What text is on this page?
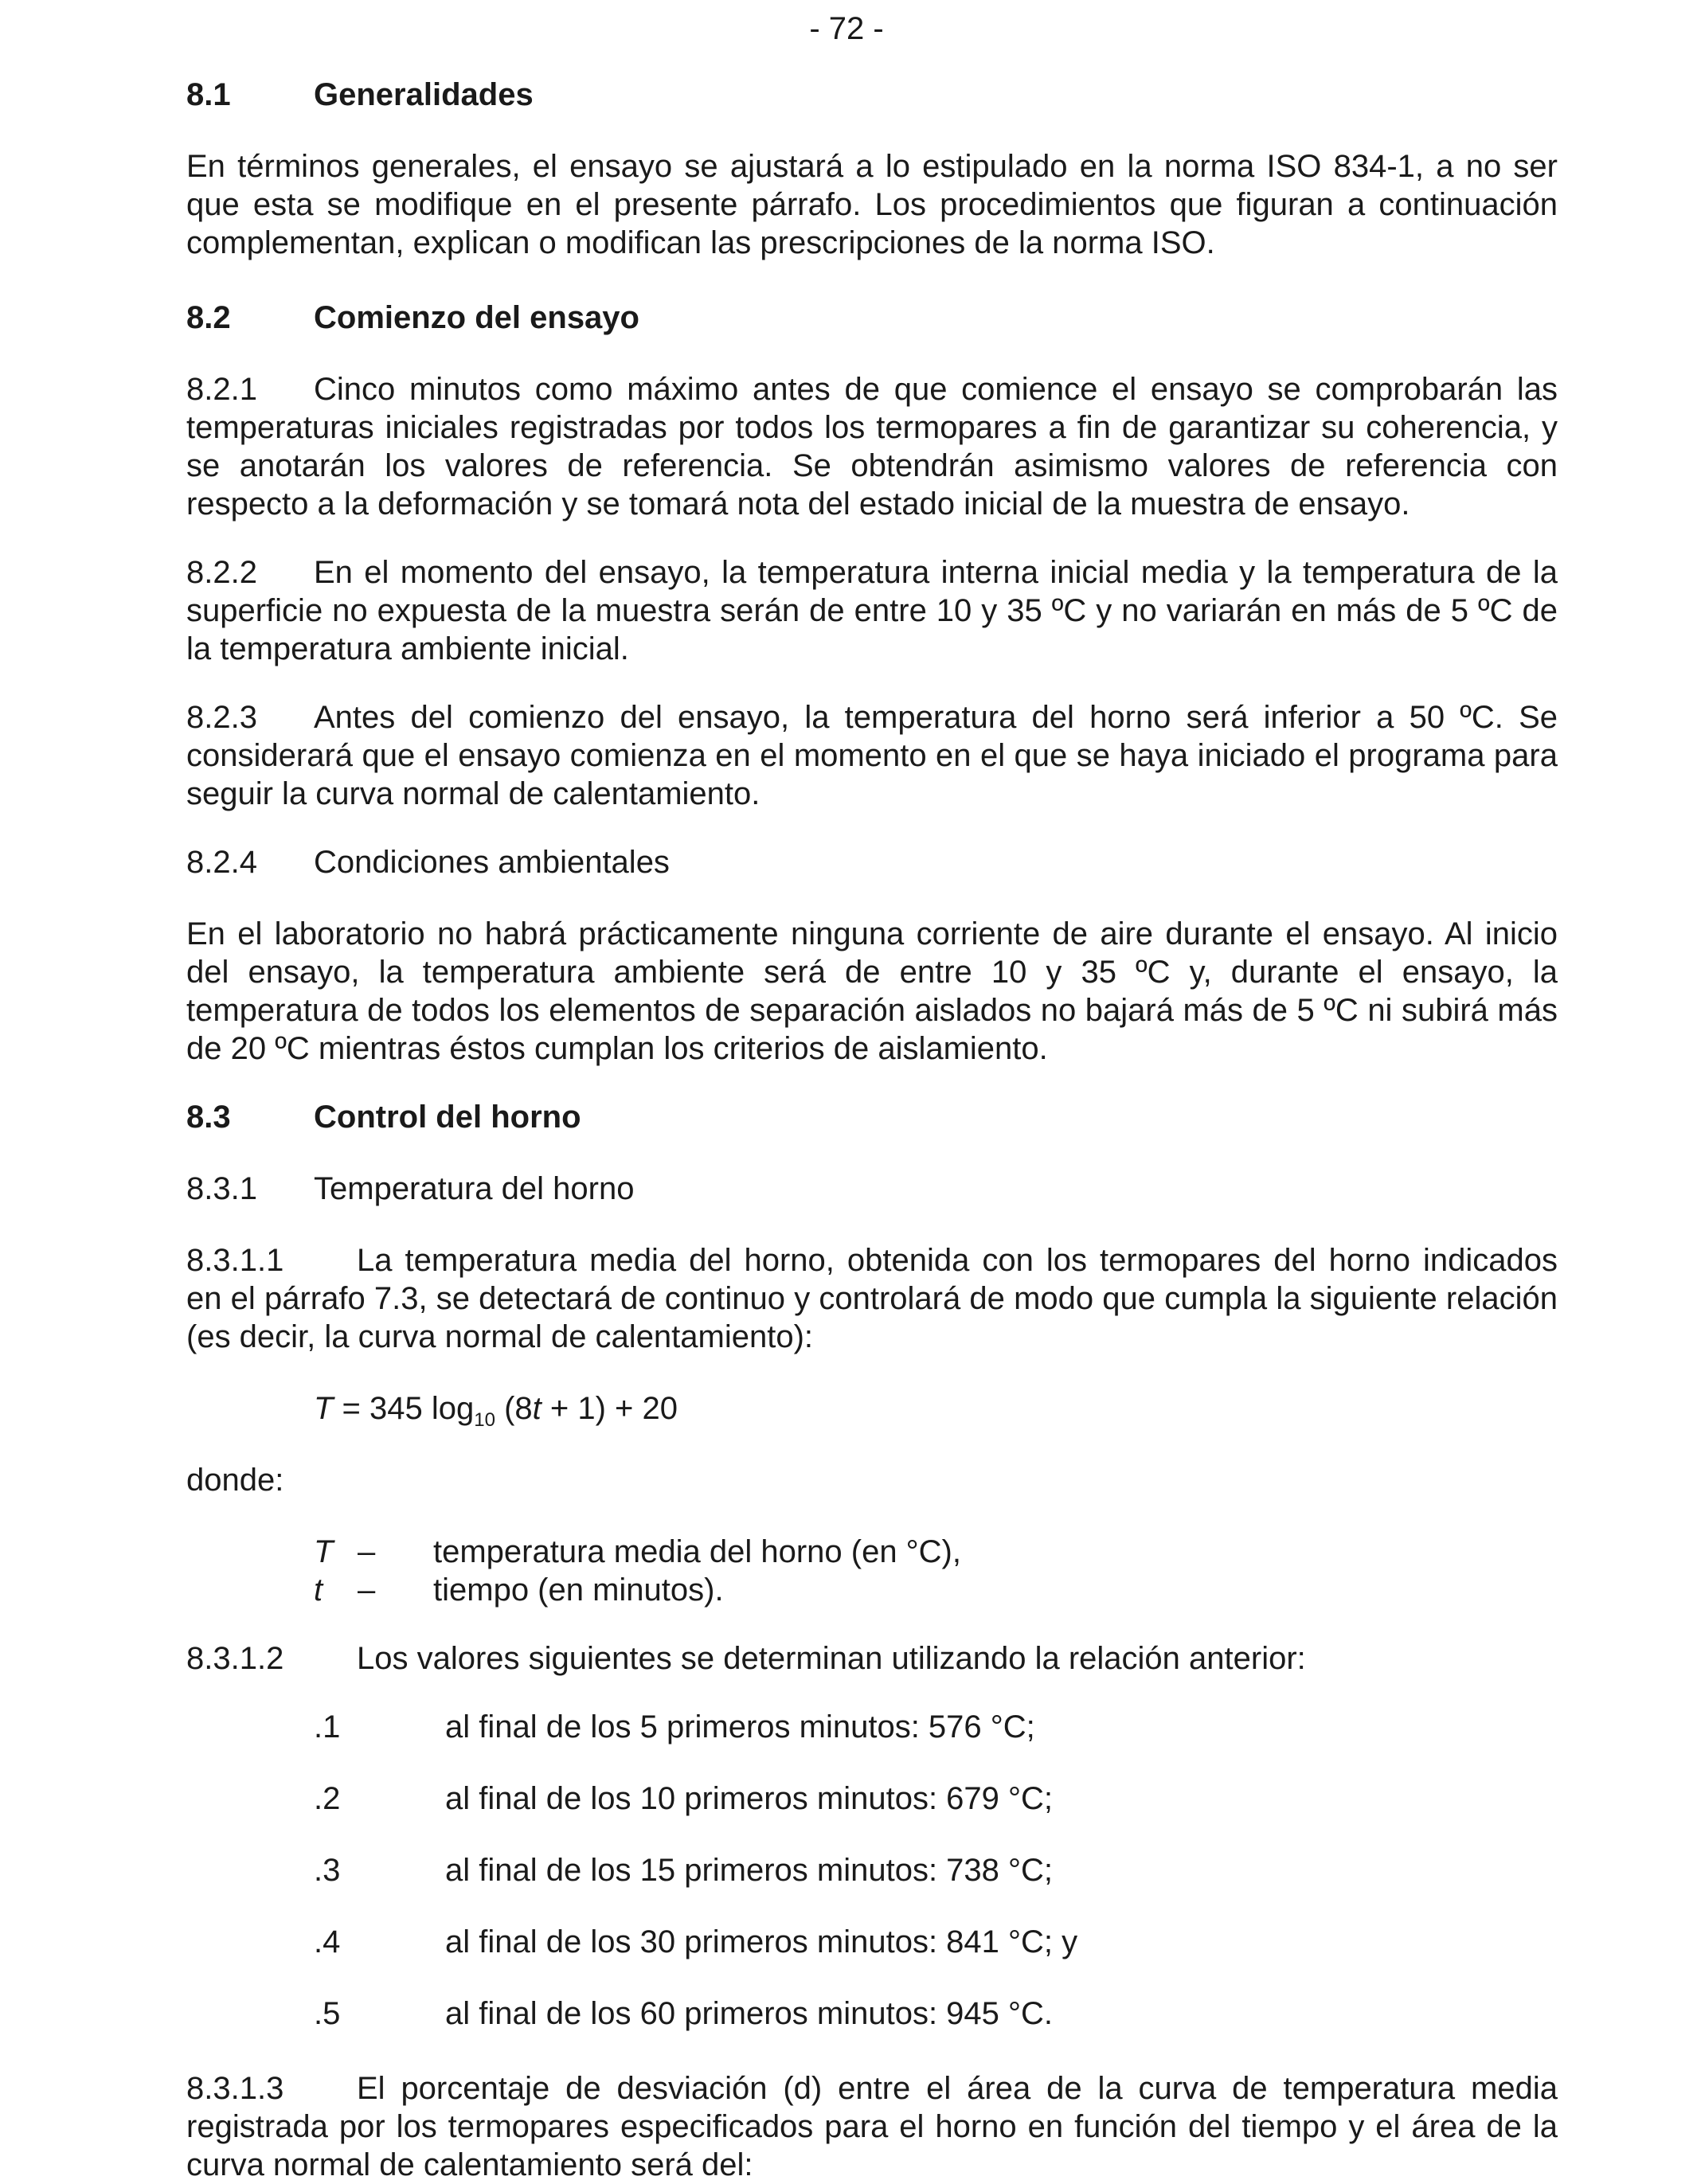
- 72 -
8.1	Generalidades

En términos generales, el ensayo se ajustará a lo estipulado en la norma ISO 834-1, a no ser que esta se modifique en el presente párrafo. Los procedimientos que figuran a continuación complementan, explican o modifican las prescripciones de la norma ISO.

8.2	Comienzo del ensayo

8.2.1 Cinco minutos como máximo antes de que comience el ensayo se comprobarán las temperaturas iniciales registradas por todos los termopares a fin de garantizar su coherencia, y se anotarán los valores de referencia. Se obtendrán asimismo valores de referencia con respecto a la deformación y se tomará nota del estado inicial de la muestra de ensayo.

8.2.2 En el momento del ensayo, la temperatura interna inicial media y la temperatura de la superficie no expuesta de la muestra serán de entre 10 y 35 ºC y no variarán en más de 5 ºC de la temperatura ambiente inicial.

8.2.3 Antes del comienzo del ensayo, la temperatura del horno será inferior a 50 ºC. Se considerará que el ensayo comienza en el momento en el que se haya iniciado el programa para seguir la curva normal de calentamiento.

8.2.4	Condiciones ambientales

En el laboratorio no habrá prácticamente ninguna corriente de aire durante el ensayo. Al inicio del ensayo, la temperatura ambiente será de entre 10 y 35 ºC y, durante el ensayo, la temperatura de todos los elementos de separación aislados no bajará más de 5 ºC ni subirá más de 20 ºC mientras éstos cumplan los criterios de aislamiento.

8.3	Control del horno
8.3.1	Temperatura del horno

8.3.1.1 La temperatura media del horno, obtenida con los termopares del horno indicados en el párrafo 7.3, se detectará de continuo y controlará de modo que cumpla la siguiente relación (es decir, la curva normal de calentamiento):

T = 345 $\log_{10} (8t + 1) + 20$

donde:

T –	temperatura media del horno (en °C),
t	–	tiempo (en minutos).

8.3.1.2 Los valores siguientes se determinan utilizando la relación anterior:

.1	al final de los 5 primeros minutos: 576 °C;
.2	al final de los 10 primeros minutos: 679 °C;
.3	al final de los 15 primeros minutos: 738 °C;
.4	al final de los 30 primeros minutos: 841 °C; y
.5	al final de los 60 primeros minutos: 945 °C.

8.3.1.3 El porcentaje de desviación (d) entre el área de la curva de temperatura media registrada por los termopares especificados para el horno en función del tiempo y el área de la curva normal de calentamiento será del:
